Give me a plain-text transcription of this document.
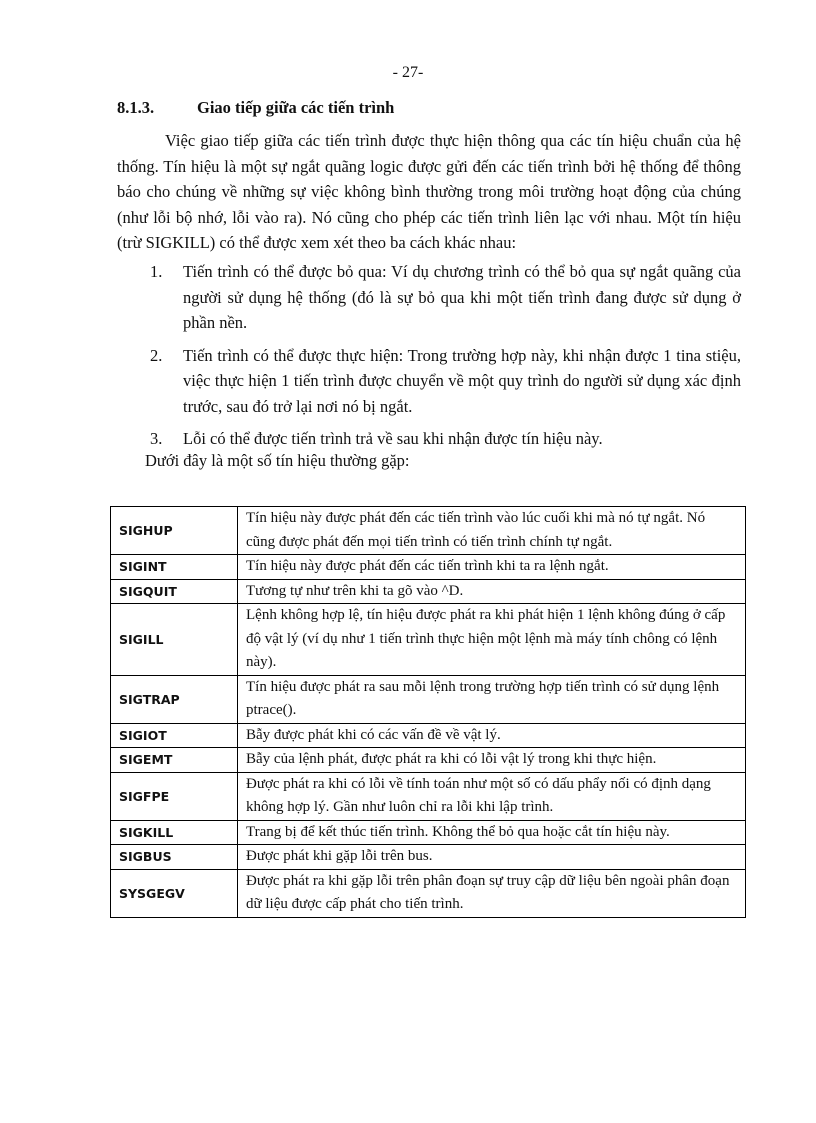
- 27-
8.1.3.	Giao tiếp giữa các tiến trình
Việc giao tiếp giữa các tiến trình được thực hiện thông qua các tín hiệu chuẩn của hệ thống. Tín hiệu là một sự ngắt quãng logic được gửi đến các tiến trình bởi hệ thống để thông báo cho chúng về những sự việc không bình thường trong môi trường hoạt động của chúng (như lỗi bộ nhớ, lỗi vào ra). Nó cũng cho phép các tiến trình liên lạc với nhau. Một tín hiệu (trừ SIGKILL) có thể được xem xét theo ba cách khác nhau:
1. Tiến trình có thể được bỏ qua: Ví dụ chương trình có thể bỏ qua sự ngắt quãng của người sử dụng hệ thống (đó là sự bỏ qua khi một tiến trình đang được sử dụng ở phần nền.
2. Tiến trình có thể được thực hiện: Trong trường hợp này, khi nhận được 1 tina stiệu, việc thực hiện 1 tiến trình được chuyển về một quy trình do người sử dụng xác định trước, sau đó trở lại nơi nó bị ngắt.
3. Lỗi có thể được tiến trình trả về sau khi nhận được tín hiệu này.
Dưới đây là một số tín hiệu thường gặp:
SIGHUP	Tín hiệu này được phát đến các tiến trình vào lúc cuối khi mà nó tự ngắt. Nó cũng được phát đến mọi tiến trình có tiến trình chính tự ngắt.
SIGINT	Tín hiệu này được phát đến các tiến trình khi ta ra lệnh ngắt.
SIGQUIT	Tương tự như trên khi ta gõ vào ^D.
SIGILL	Lệnh không hợp lệ, tín hiệu được phát ra khi phát hiện 1 lệnh không đúng ở cấp độ vật lý (ví dụ như 1 tiến trình thực hiện một lệnh mà máy tính chông có lệnh này).
SIGTRAP	Tín hiệu được phát ra sau mỗi lệnh trong trường hợp tiến trình có sử dụng lệnh ptrace().
SIGIOT	Bẫy được phát khi có các vấn đề về vật lý.
SIGEMT	Bẫy của lệnh phát, được phát ra khi có lỗi vật lý trong khi thực hiện.
SIGFPE	Được phát ra khi có lỗi về tính toán như một số có dấu phẩy nối có định dạng không hợp lý. Gần như luôn chỉ ra lỗi khi lập trình.
SIGKILL	Trang bị để kết thúc tiến trình. Không thể bỏ qua hoặc cắt tín hiệu này.
SIGBUS	Được phát khi gặp lỗi trên bus.
SYSGEGV	Được phát ra khi gặp lỗi trên phân đoạn sự truy cập dữ liệu bên ngoài phân đoạn dữ liệu được cấp phát cho tiến trình.
